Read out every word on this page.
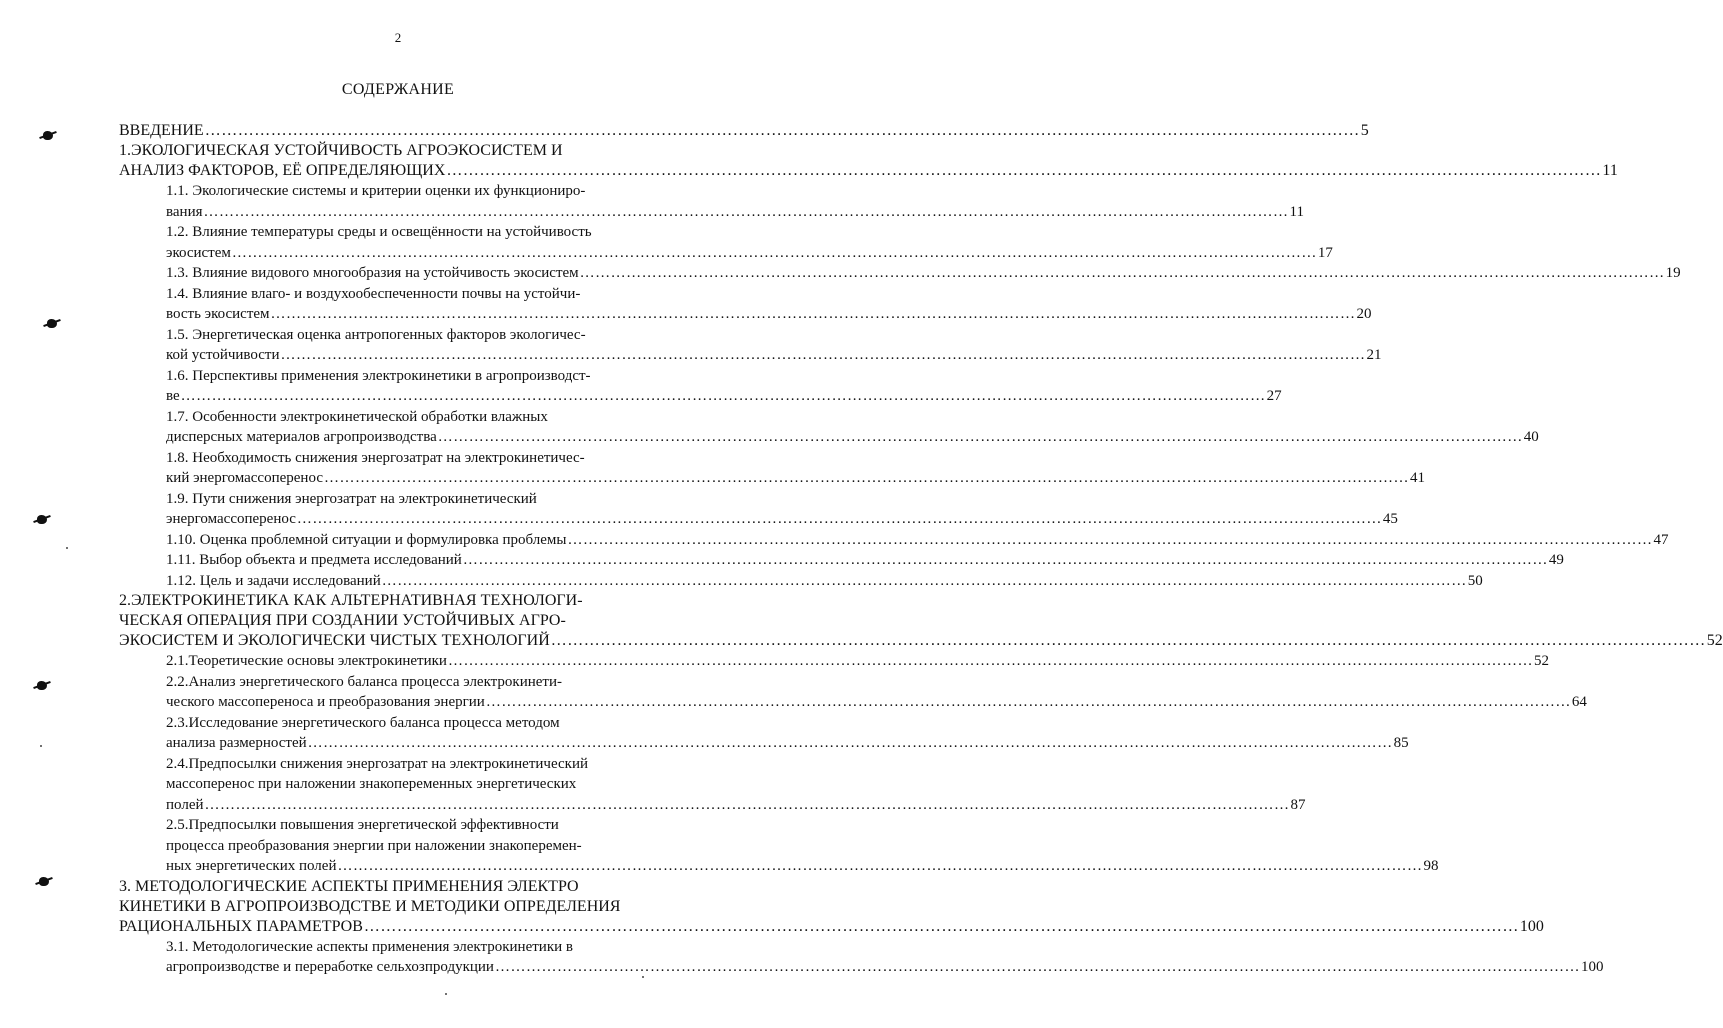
2
СОДЕРЖАНИЕ
ВВЕДЕНИЕ ………………………………………………………………………………………………………………………………………………………………………………………… 5
1.ЭКОЛОГИЧЕСКАЯ УСТОЙЧИВОСТЬ АГРОЭКОСИСТЕМ И
АНАЛИЗ ФАКТОРОВ, ЕЁ ОПРЕДЕЛЯЮЩИХ ………………………………………………………………………………………………………………………………………………………………………………………… 11
1.1. Экологические системы и критерии оценки их функциониро-
вания ………………………………………………………………………………………………………………………………………………………………………………………… 11
1.2. Влияние температуры среды и освещённости на устойчивость
экосистем ………………………………………………………………………………………………………………………………………………………………………………………… 17
1.3. Влияние видового многообразия на устойчивость экосистем ………………………………………………………………………………………………………………………………………………………………………………………… 19
1.4. Влияние влаго- и воздухообеспеченности почвы на устойчи-
вость экосистем ………………………………………………………………………………………………………………………………………………………………………………………… 20
1.5. Энергетическая оценка антропогенных факторов экологичес-
кой устойчивости ………………………………………………………………………………………………………………………………………………………………………………………… 21
1.6. Перспективы применения электрокинетики в агропроизводст-
ве ………………………………………………………………………………………………………………………………………………………………………………………… 27
1.7. Особенности электрокинетической обработки влажных
дисперсных материалов агропроизводства ………………………………………………………………………………………………………………………………………………………………………………………… 40
1.8. Необходимость снижения энергозатрат на электрокинетичес-
кий энергомассоперенос ………………………………………………………………………………………………………………………………………………………………………………………… 41
1.9. Пути снижения энергозатрат на электрокинетический
энергомассоперенос ………………………………………………………………………………………………………………………………………………………………………………………… 45
1.10. Оценка проблемной ситуации и формулировка проблемы ………………………………………………………………………………………………………………………………………………………………………………………… 47
1.11. Выбор объекта и предмета исследований ………………………………………………………………………………………………………………………………………………………………………………………… 49
1.12. Цель и задачи исследований ………………………………………………………………………………………………………………………………………………………………………………………… 50
2.ЭЛЕКТРОКИНЕТИКА КАК АЛЬТЕРНАТИВНАЯ ТЕХНОЛОГИ-
ЧЕСКАЯ ОПЕРАЦИЯ ПРИ СОЗДАНИИ УСТОЙЧИВЫХ АГРО-
ЭКОСИСТЕМ И ЭКОЛОГИЧЕСКИ ЧИСТЫХ ТЕХНОЛОГИЙ ………………………………………………………………………………………………………………………………………………………………………………………… 52
2.1.Теоретические основы электрокинетики ………………………………………………………………………………………………………………………………………………………………………………………… 52
2.2.Анализ энергетического баланса процесса электрокинети-
ческого массопереноса и преобразования энергии ………………………………………………………………………………………………………………………………………………………………………………………… 64
2.3.Исследование энергетического баланса процесса методом
анализа размерностей ………………………………………………………………………………………………………………………………………………………………………………………… 85
2.4.Предпосылки снижения энергозатрат на электрокинетический
массоперенос при наложении знакопеременных энергетических
полей ………………………………………………………………………………………………………………………………………………………………………………………… 87
2.5.Предпосылки повышения энергетической эффективности
процесса преобразования энергии при наложении знакоперемен-
ных энергетических полей ………………………………………………………………………………………………………………………………………………………………………………………… 98
3. МЕТОДОЛОГИЧЕСКИЕ АСПЕКТЫ ПРИМЕНЕНИЯ ЭЛЕКТРО
КИНЕТИКИ В АГРОПРОИЗВОДСТВЕ И МЕТОДИКИ ОПРЕДЕЛЕНИЯ
РАЦИОНАЛЬНЫХ ПАРАМЕТРОВ ………………………………………………………………………………………………………………………………………………………………………………………… 100
3.1. Методологические аспекты применения электрокинетики в
агропроизводстве и переработке сельхозпродукции ………………………………………………………………………………………………………………………………………………………………………………………… 100
